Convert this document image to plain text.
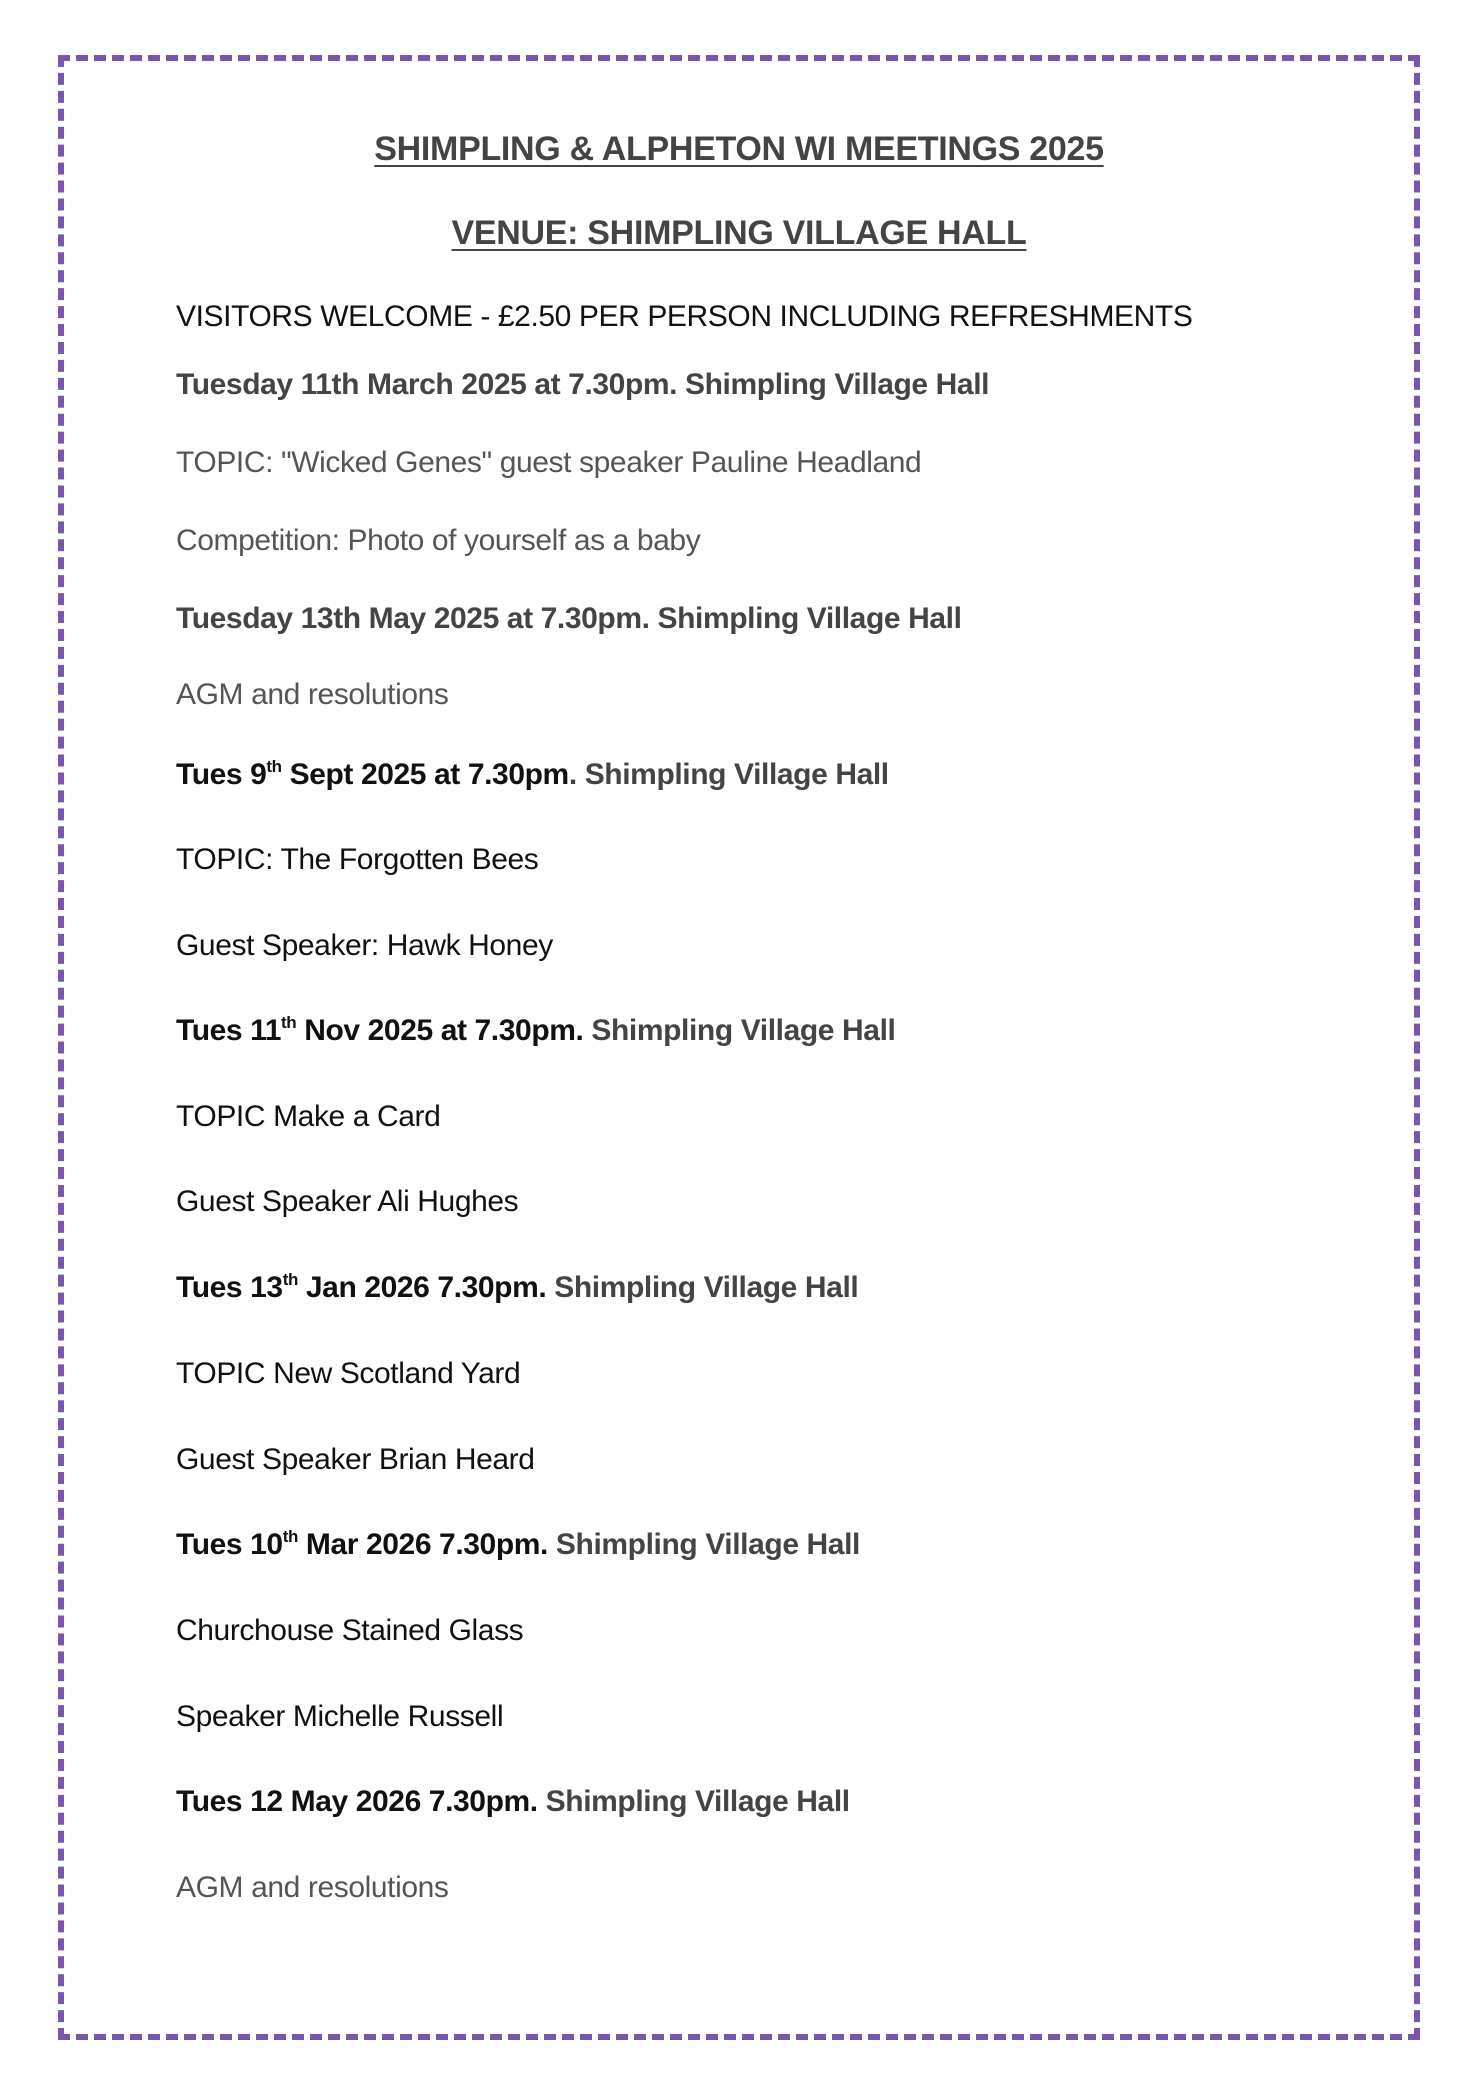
SHIMPLING & ALPHETON WI MEETINGS 2025
VENUE: SHIMPLING VILLAGE HALL
VISITORS WELCOME - £2.50 PER PERSON INCLUDING REFRESHMENTS
Tuesday 11th March 2025 at 7.30pm. Shimpling Village Hall
TOPIC: "Wicked Genes" guest speaker Pauline Headland
Competition: Photo of yourself as a baby
Tuesday 13th May 2025 at 7.30pm. Shimpling Village Hall
AGM and resolutions
Tues 9th Sept 2025 at 7.30pm. Shimpling Village Hall
TOPIC: The Forgotten Bees
Guest Speaker: Hawk Honey
Tues 11th Nov 2025 at 7.30pm. Shimpling Village Hall
TOPIC Make a Card
Guest Speaker Ali Hughes
Tues 13th Jan 2026 7.30pm. Shimpling Village Hall
TOPIC New Scotland Yard
Guest Speaker Brian Heard
Tues 10th Mar 2026 7.30pm. Shimpling Village Hall
Churchouse Stained Glass
Speaker Michelle Russell
Tues 12 May 2026 7.30pm. Shimpling Village Hall
AGM and resolutions
